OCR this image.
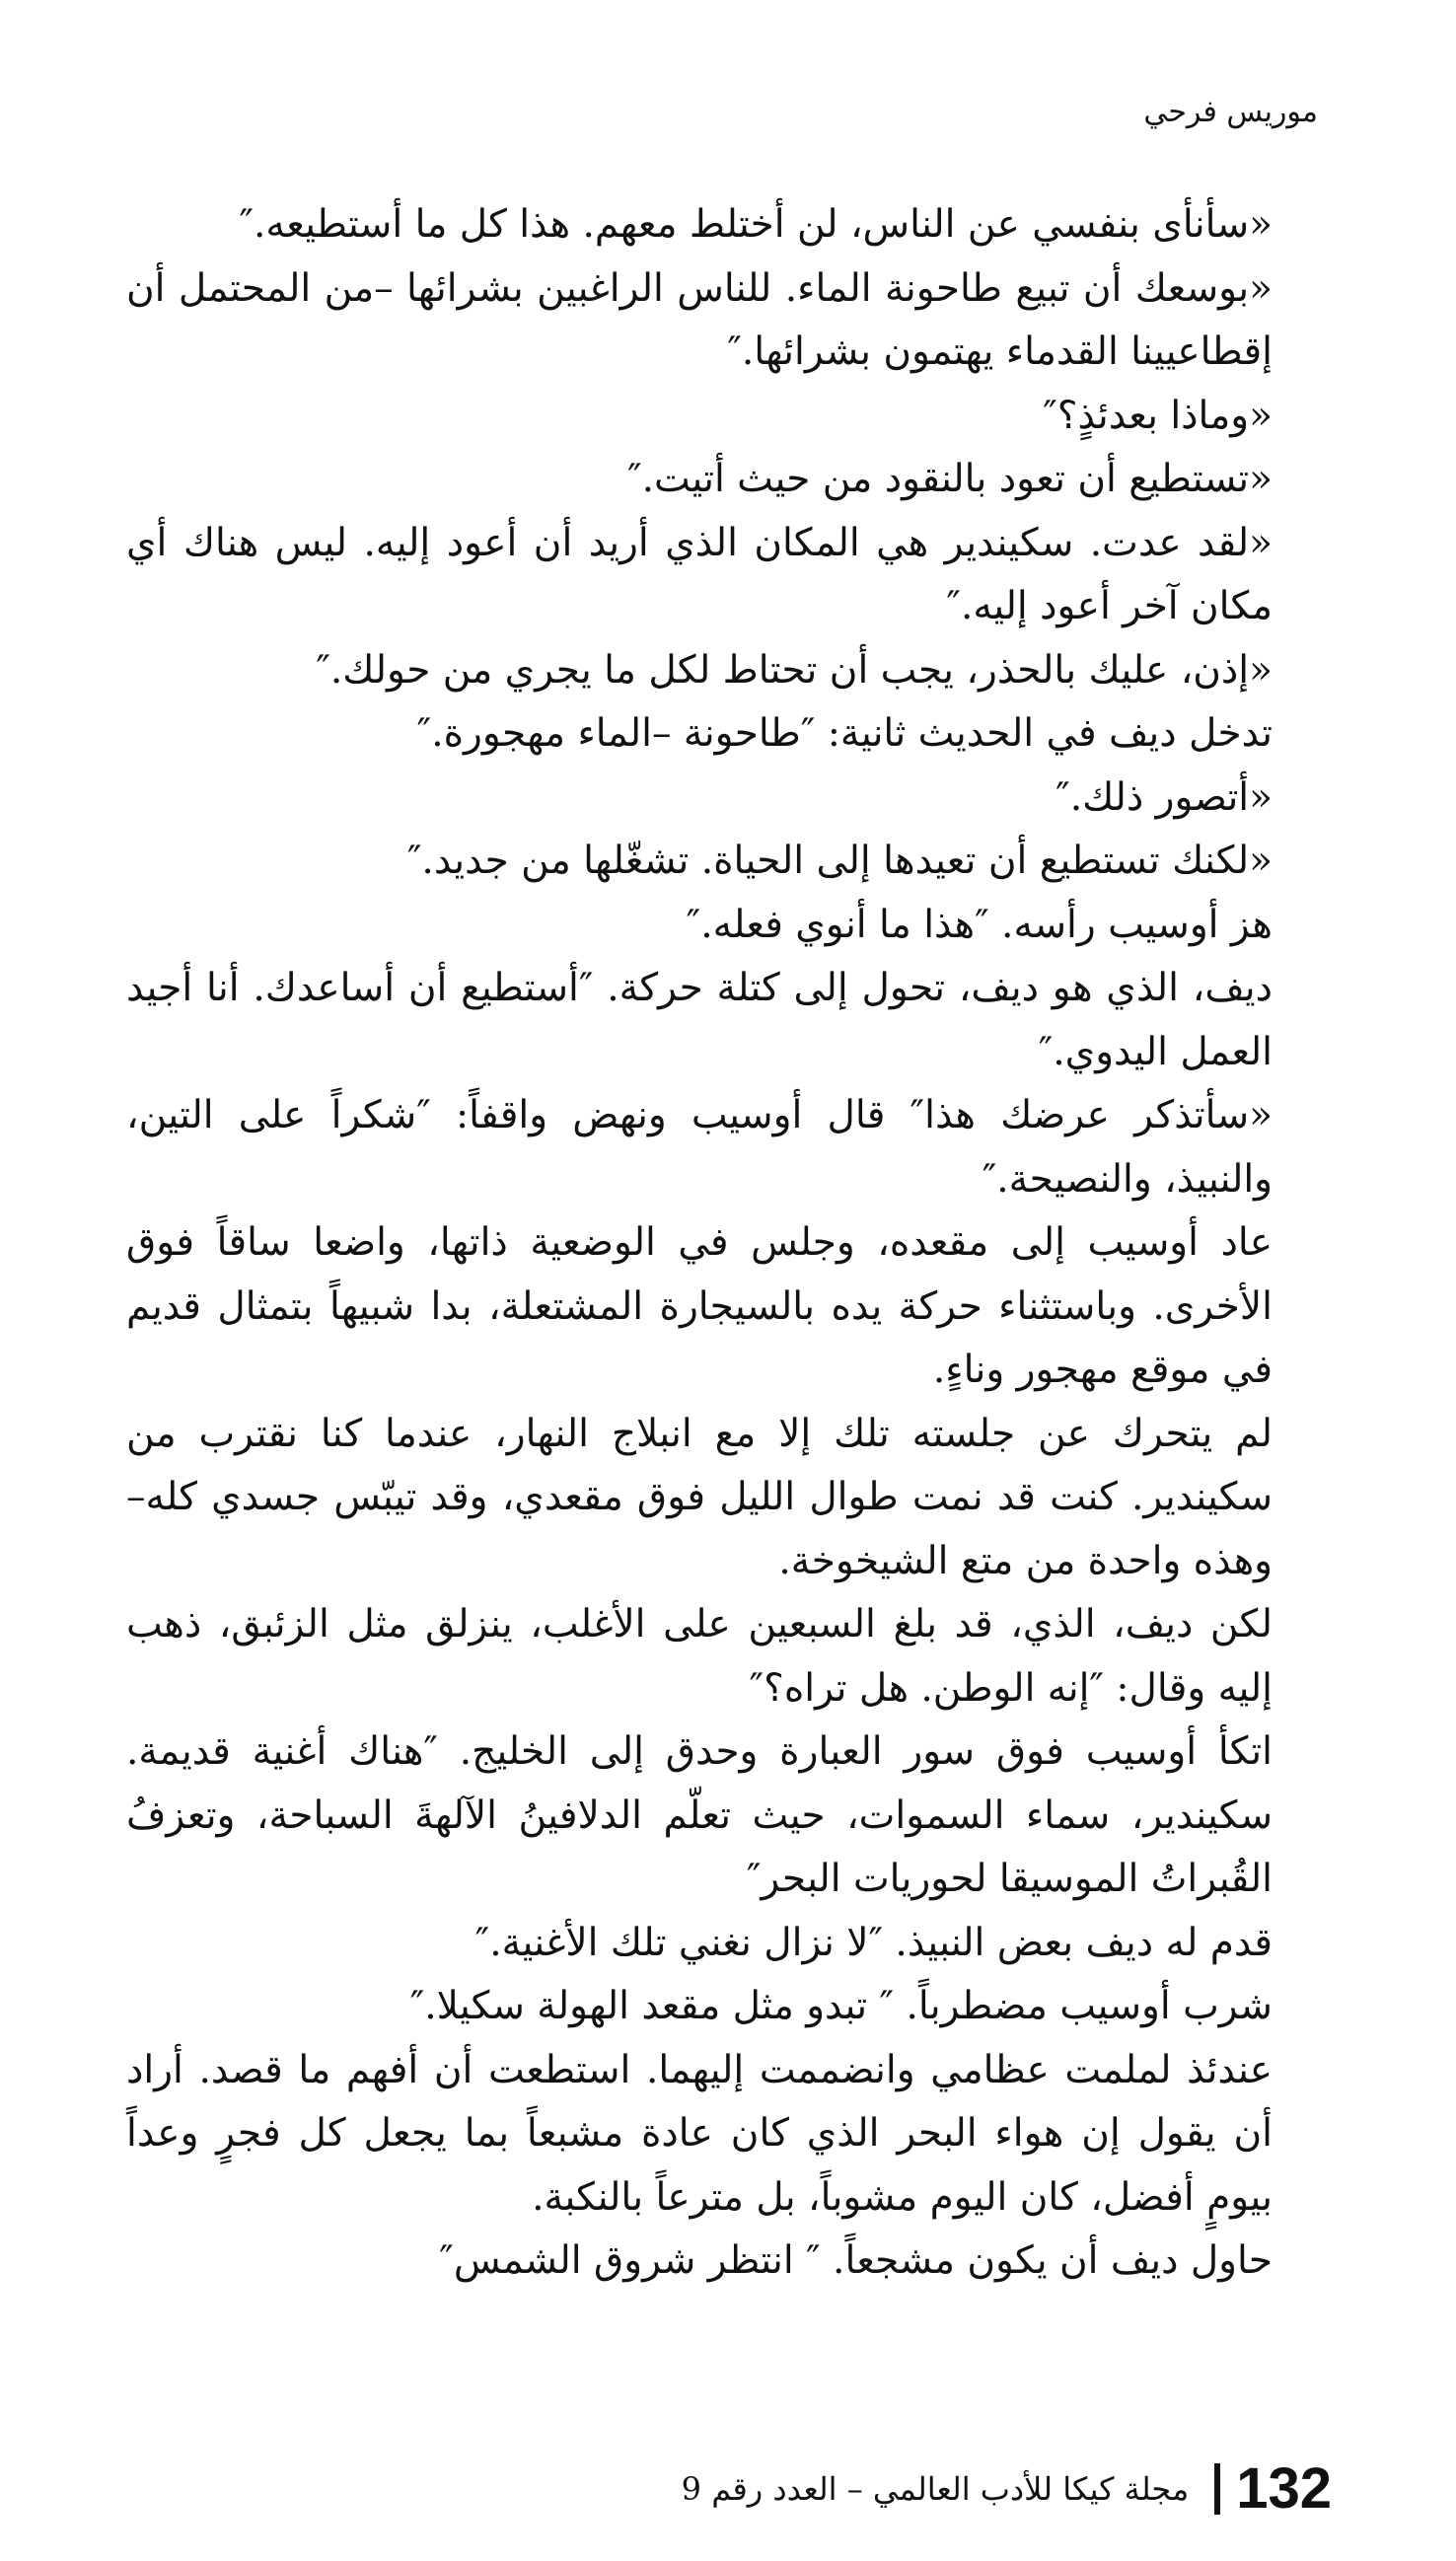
موريس فرحي

«سأنأى بنفسي عن الناس، لن أختلط معهم. هذا كل ما أستطيعه.″

«بوسعك أن تبيع طاحونة الماء. للناس الراغبين بشرائها –من المحتمل أن إقطاعيينا القدماء يهتمون بشرائها.″

«وماذا بعدئذٍ؟″

«تستطيع أن تعود بالنقود من حيث أتيت.″

«لقد عدت. سكيندير هي المكان الذي أريد أن أعود إليه. ليس هناك أي مكان آخر أعود إليه.″

«إذن، عليك بالحذر، يجب أن تحتاط لكل ما يجري من حولك.″

تدخل ديف في الحديث ثانية: ″طاحونة –الماء مهجورة.″

«أتصور ذلك.″

«لكنك تستطيع أن تعيدها إلى الحياة. تشغّلها من جديد.″

هز أوسيب رأسه. ″هذا ما أنوي فعله.″

ديف، الذي هو ديف، تحول إلى كتلة حركة. ″أستطيع أن أساعدك. أنا أجيد العمل اليدوي.″

«سأتذكر عرضك هذا″ قال أوسيب ونهض واقفاً: ″شكراً على التين، والنبيذ، والنصيحة.″

عاد أوسيب إلى مقعده، وجلس في الوضعية ذاتها، واضعا ساقاً فوق الأخرى. وباستثناء حركة يده بالسيجارة المشتعلة، بدا شبيهاً بتمثال قديم في موقع مهجور وناءٍ.

لم يتحرك عن جلسته تلك إلا مع انبلاج النهار، عندما كنا نقترب من سكيندير. كنت قد نمت طوال الليل فوق مقعدي، وقد تيبّس جسدي كله– وهذه واحدة من متع الشيخوخة.

لكن ديف، الذي، قد بلغ السبعين على الأغلب، ينزلق مثل الزئبق، ذهب إليه وقال: ″إنه الوطن. هل تراه؟″

اتكأ أوسيب فوق سور العبارة وحدق إلى الخليج. ″هناك أغنية قديمة. سكيندير، سماء السموات، حيث تعلّم الدلافينُ الآلهةَ السباحة، وتعزفُ القُبراتُ الموسيقا لحوريات البحر″

قدم له ديف بعض النبيذ. ″لا نزال نغني تلك الأغنية.″

شرب أوسيب مضطرباً. ″ تبدو مثل مقعد الهولة سكيلا.″

عندئذ لملمت عظامي وانضممت إليهما. استطعت أن أفهم ما قصد. أراد أن يقول إن هواء البحر الذي كان عادة مشبعاً بما يجعل كل فجرٍ وعداً بيومٍ أفضل، كان اليوم مشوباً، بل مترعاً بالنكبة.

حاول ديف أن يكون مشجعاً. ″ انتظر شروق الشمس″

مجلة كيكا للأدب العالمي – العدد رقم 9 132
